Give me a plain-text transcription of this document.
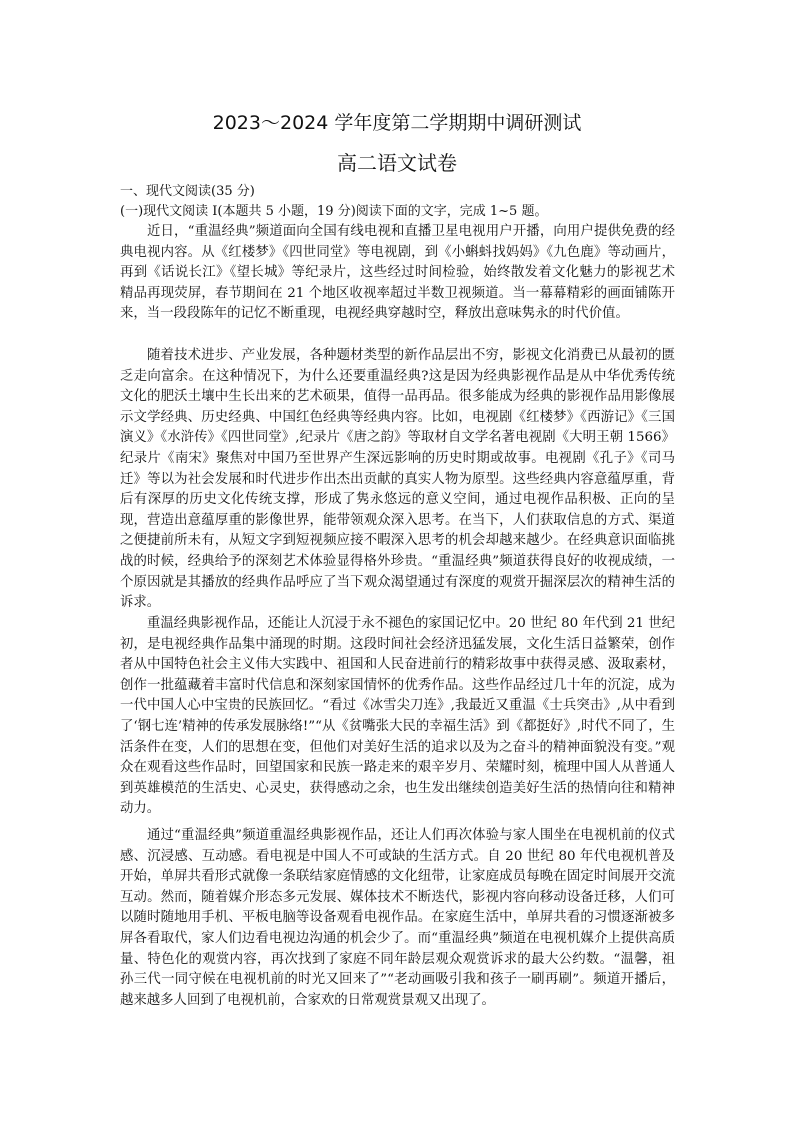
2023～2024 学年度第二学期期中调研测试
高二语文试卷
一、现代文阅读(35 分)
(一)现代文阅读 I(本题共 5 小题，19 分)阅读下面的文字，完成 1~5 题。

近日，“重温经典”频道面向全国有线电视和直播卫星电视用户开播，向用户提供免费的经典电视内容。从《红楼梦》《四世同堂》等电视剧，到《小蝌蚪找妈妈》《九色鹿》等动画片，再到《话说长江》《望长城》等纪录片，这些经过时间检验，始终散发着文化魅力的影视艺术精品再现荧屏，春节期间在 21 个地区收视率超过半数卫视频道。当一幕幕精彩的画面铺陈开来，当一段段陈年的记忆不断重现，电视经典穿越时空，释放出意味隽永的时代价值。

随着技术进步、产业发展，各种题材类型的新作品层出不穷，影视文化消费已从最初的匮乏走向富余。在这种情况下，为什么还要重温经典?这是因为经典影视作品是从中华优秀传统文化的肥沃土壤中生长出来的艺术硕果，值得一品再品。很多能成为经典的影视作品用影像展示文学经典、历史经典、中国红色经典等经典内容。比如，电视剧《红楼梦》《西游记》《三国演义》《水浒传》《四世同堂》,纪录片《唐之韵》等取材自文学名著电视剧《大明王朝 1566》 纪录片《南宋》聚焦对中国乃至世界产生深远影响的历史时期或故事。电视剧《孔子》《司马迁》等以为社会发展和时代进步作出杰出贡献的真实人物为原型。这些经典内容意蕴厚重，背后有深厚的历史文化传统支撑，形成了隽永悠远的意义空间，通过电视作品积极、正向的呈现，营造出意蕴厚重的影像世界，能带领观众深入思考。在当下，人们获取信息的方式、渠道之便捷前所未有，从短文字到短视频应接不暇深入思考的机会却越来越少。在经典意识面临挑战的时候，经典给予的深刻艺术体验显得格外珍贵。“重温经典”频道获得良好的收视成绩，一个原因就是其播放的经典作品呼应了当下观众渴望通过有深度的观赏开掘深层次的精神生活的诉求。

重温经典影视作品，还能让人沉浸于永不褪色的家国记忆中。20 世纪 80 年代到 21 世纪初，是电视经典作品集中涌现的时期。这段时间社会经济迅猛发展，文化生活日益繁荣，创作者从中国特色社会主义伟大实践中、祖国和人民奋进前行的精彩故事中获得灵感、汲取素材，创作一批蕴藏着丰富时代信息和深刻家国情怀的优秀作品。这些作品经过几十年的沉淀，成为一代中国人心中宝贵的民族回忆。“看过《冰雪尖刀连》,我最近又重温《士兵突击》,从中看到了‘钢七连’精神的传承发展脉络!”“从《贫嘴张大民的幸福生活》到《都挺好》,时代不同了，生活条件在变，人们的思想在变，但他们对美好生活的追求以及为之奋斗的精神面貌没有变。”观众在观看这些作品时，回望国家和民族一路走来的艰辛岁月、荣耀时刻，梳理中国人从普通人到英雄模范的生活史、心灵史，获得感动之余，也生发出继续创造美好生活的热情向往和精神动力。

通过“重温经典”频道重温经典影视作品，还让人们再次体验与家人围坐在电视机前的仪式感、沉浸感、互动感。看电视是中国人不可或缺的生活方式。自 20 世纪 80 年代电视机普及开始，单屏共看形式就像一条联结家庭情感的文化纽带，让家庭成员每晚在固定时间展开交流互动。然而，随着媒介形态多元发展、媒体技术不断迭代，影视内容向移动设备迁移，人们可以随时随地用手机、平板电脑等设备观看电视作品。在家庭生活中，单屏共看的习惯逐渐被多屏各看取代，家人们边看电视边沟通的机会少了。而“重温经典”频道在电视机媒介上提供高质量、特色化的观赏内容，再次找到了家庭不同年龄层观众观赏诉求的最大公约数。“温馨，祖孙三代一同守候在电视机前的时光又回来了”“老动画吸引我和孩子一刷再刷”。频道开播后，越来越多人回到了电视机前，合家欢的日常观赏景观又出现了。
